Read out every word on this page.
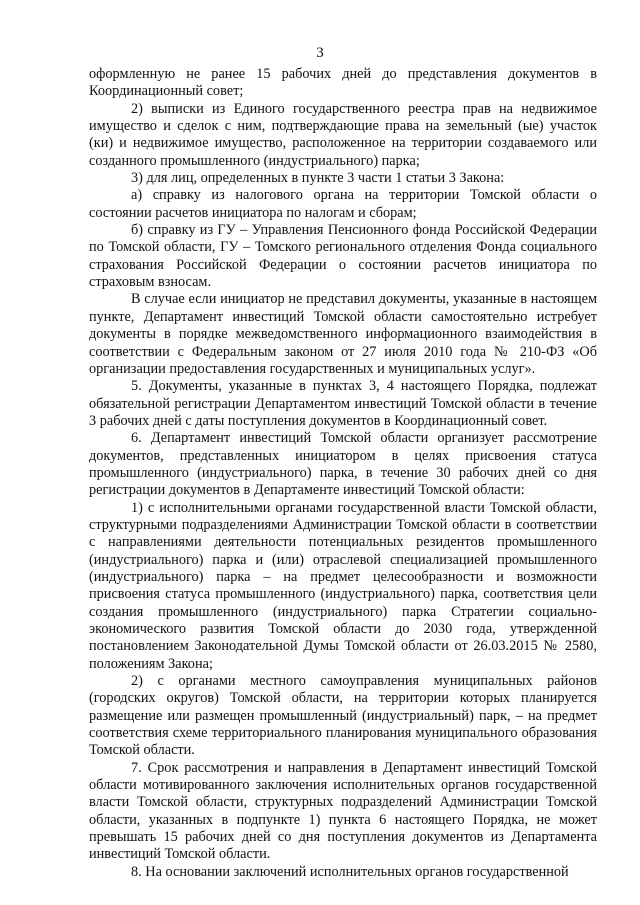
3

оформленную не ранее 15 рабочих дней до представления документов в Координационный совет;

2) выписки из Единого государственного реестра прав на недвижимое имущество и сделок с ним, подтверждающие права на земельный (ые) участок (ки) и недвижимое имущество, расположенное на территории создаваемого или созданного промышленного (индустриального) парка;

3) для лиц, определенных в пункте 3 части 1 статьи 3 Закона:

а) справку из налогового органа на территории Томской области о состоянии расчетов инициатора по налогам и сборам;

б) справку из ГУ – Управления Пенсионного фонда Российской Федерации по Томской области, ГУ – Томского регионального отделения Фонда социального страхования Российской Федерации о состоянии расчетов инициатора по страховым взносам.

В случае если инициатор не представил документы, указанные в настоящем пункте, Департамент инвестиций Томской области самостоятельно истребует документы в порядке межведомственного информационного взаимодействия в соответствии с Федеральным законом от 27 июля 2010 года № 210-ФЗ «Об организации предоставления государственных и муниципальных услуг».

5. Документы, указанные в пунктах 3, 4 настоящего Порядка, подлежат обязательной регистрации Департаментом инвестиций Томской области в течение 3 рабочих дней с даты поступления документов в Координационный совет.

6. Департамент инвестиций Томской области организует рассмотрение документов, представленных инициатором в целях присвоения статуса промышленного (индустриального) парка, в течение 30 рабочих дней со дня регистрации документов в Департаменте инвестиций Томской области:

1) с исполнительными органами государственной власти Томской области, структурными подразделениями Администрации Томской области в соответствии с направлениями деятельности потенциальных резидентов промышленного (индустриального) парка и (или) отраслевой специализацией промышленного (индустриального) парка – на предмет целесообразности и возможности присвоения статуса промышленного (индустриального) парка, соответствия цели создания промышленного (индустриального) парка Стратегии социально-экономического развития Томской области до 2030 года, утвержденной постановлением Законодательной Думы Томской области от 26.03.2015 № 2580, положениям Закона;

2) с органами местного самоуправления муниципальных районов (городских округов) Томской области, на территории которых планируется размещение или размещен промышленный (индустриальный) парк, – на предмет соответствия схеме территориального планирования муниципального образования Томской области.

7. Срок рассмотрения и направления в Департамент инвестиций Томской области мотивированного заключения исполнительных органов государственной власти Томской области, структурных подразделений Администрации Томской области, указанных в подпункте 1) пункта 6 настоящего Порядка, не может превышать 15 рабочих дней со дня поступления документов из Департамента инвестиций Томской области.

8. На основании заключений исполнительных органов государственной
